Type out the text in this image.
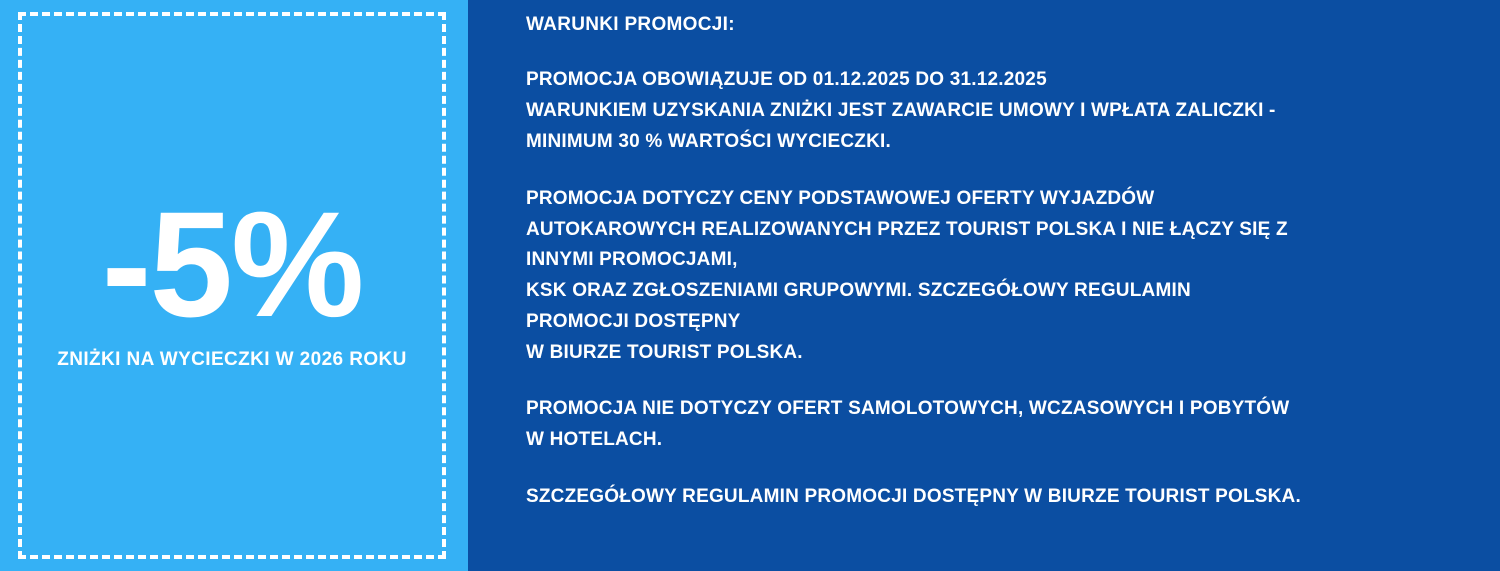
-5%
ZNIŻKI NA WYCIECZKI W 2026 ROKU
WARUNKI PROMOCJI:
PROMOCJA OBOWIĄZUJE OD 01.12.2025 DO 31.12.2025
WARUNKIEM UZYSKANIA ZNIŻKI JEST ZAWARCIE UMOWY I WPŁATA ZALICZKI -
MINIMUM 30 % WARTOŚCI WYCIECZKI.
PROMOCJA DOTYCZY CENY PODSTAWOWEJ OFERTY WYJAZDÓW
AUTOKAROWYCH REALIZOWANYCH PRZEZ TOURIST POLSKA I NIE ŁĄCZY SIĘ Z
INNYMI PROMOCJAMI,
KSK ORAZ ZGŁOSZENIAMI GRUPOWYMI. SZCZEGÓŁOWY REGULAMIN
PROMOCJI DOSTĘPNY
W BIURZE TOURIST POLSKA.
PROMOCJA NIE DOTYCZY OFERT SAMOLOTOWYCH, WCZASOWYCH I POBYTÓW
W HOTELACH.
SZCZEGÓŁOWY REGULAMIN PROMOCJI DOSTĘPNY W BIURZE TOURIST POLSKA.
